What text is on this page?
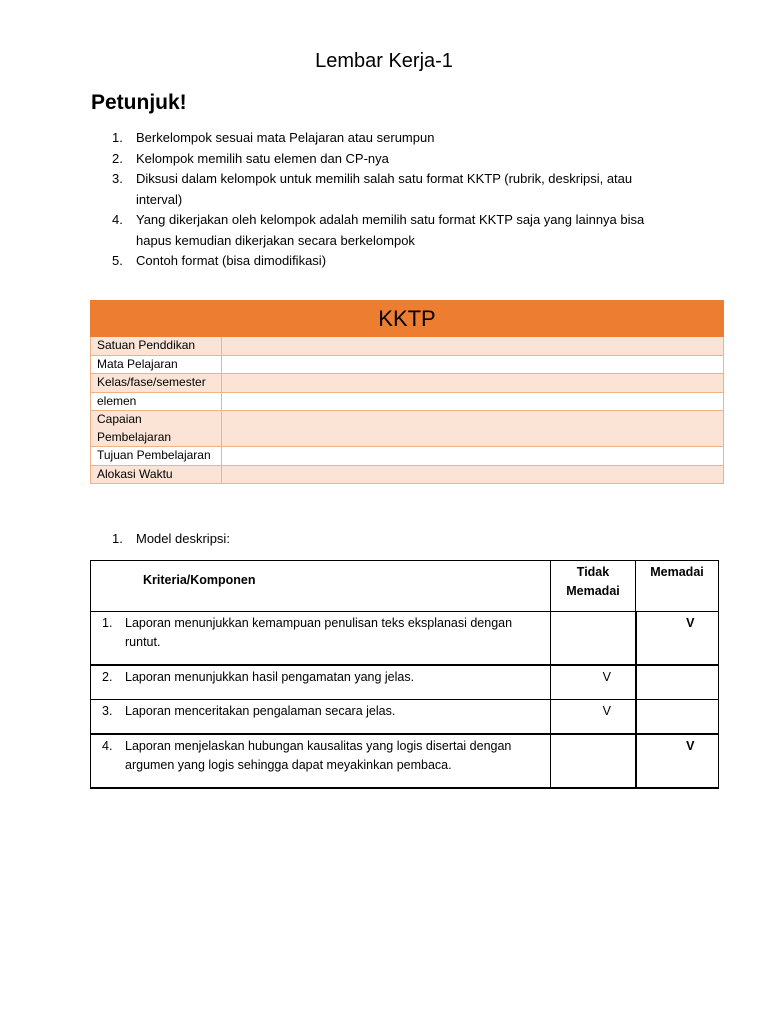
Lembar Kerja-1
Petunjuk!
1. Berkelompok sesuai mata Pelajaran atau serumpun
2. Kelompok memilih satu elemen dan CP-nya
3. Diksusi dalam kelompok untuk memilih salah satu format KKTP (rubrik, deskripsi, atau interval)
4. Yang dikerjakan oleh kelompok adalah memilih satu format KKTP saja yang lainnya bisa hapus kemudian dikerjakan secara berkelompok
5. Contoh format (bisa dimodifikasi)
KKTP	
Satuan Penddikan	
Mata Pelajaran	
Kelas/fase/semester	
elemen	
Capaian Pembelajaran	
Tujuan Pembelajaran	
Alokasi Waktu	
1. Model deskripsi:
Kriteria/Komponen	Tidak Memadai	Memadai

1. Laporan menunjukkan kemampuan penulisan teks eksplanasi dengan runtut.		V

2. Laporan menunjukkan hasil pengamatan yang jelas.	V	

3. Laporan menceritakan pengalaman secara jelas.	V	

4. Laporan menjelaskan hubungan kausalitas yang logis disertai dengan argumen yang logis sehingga dapat meyakinkan pembaca.		V
